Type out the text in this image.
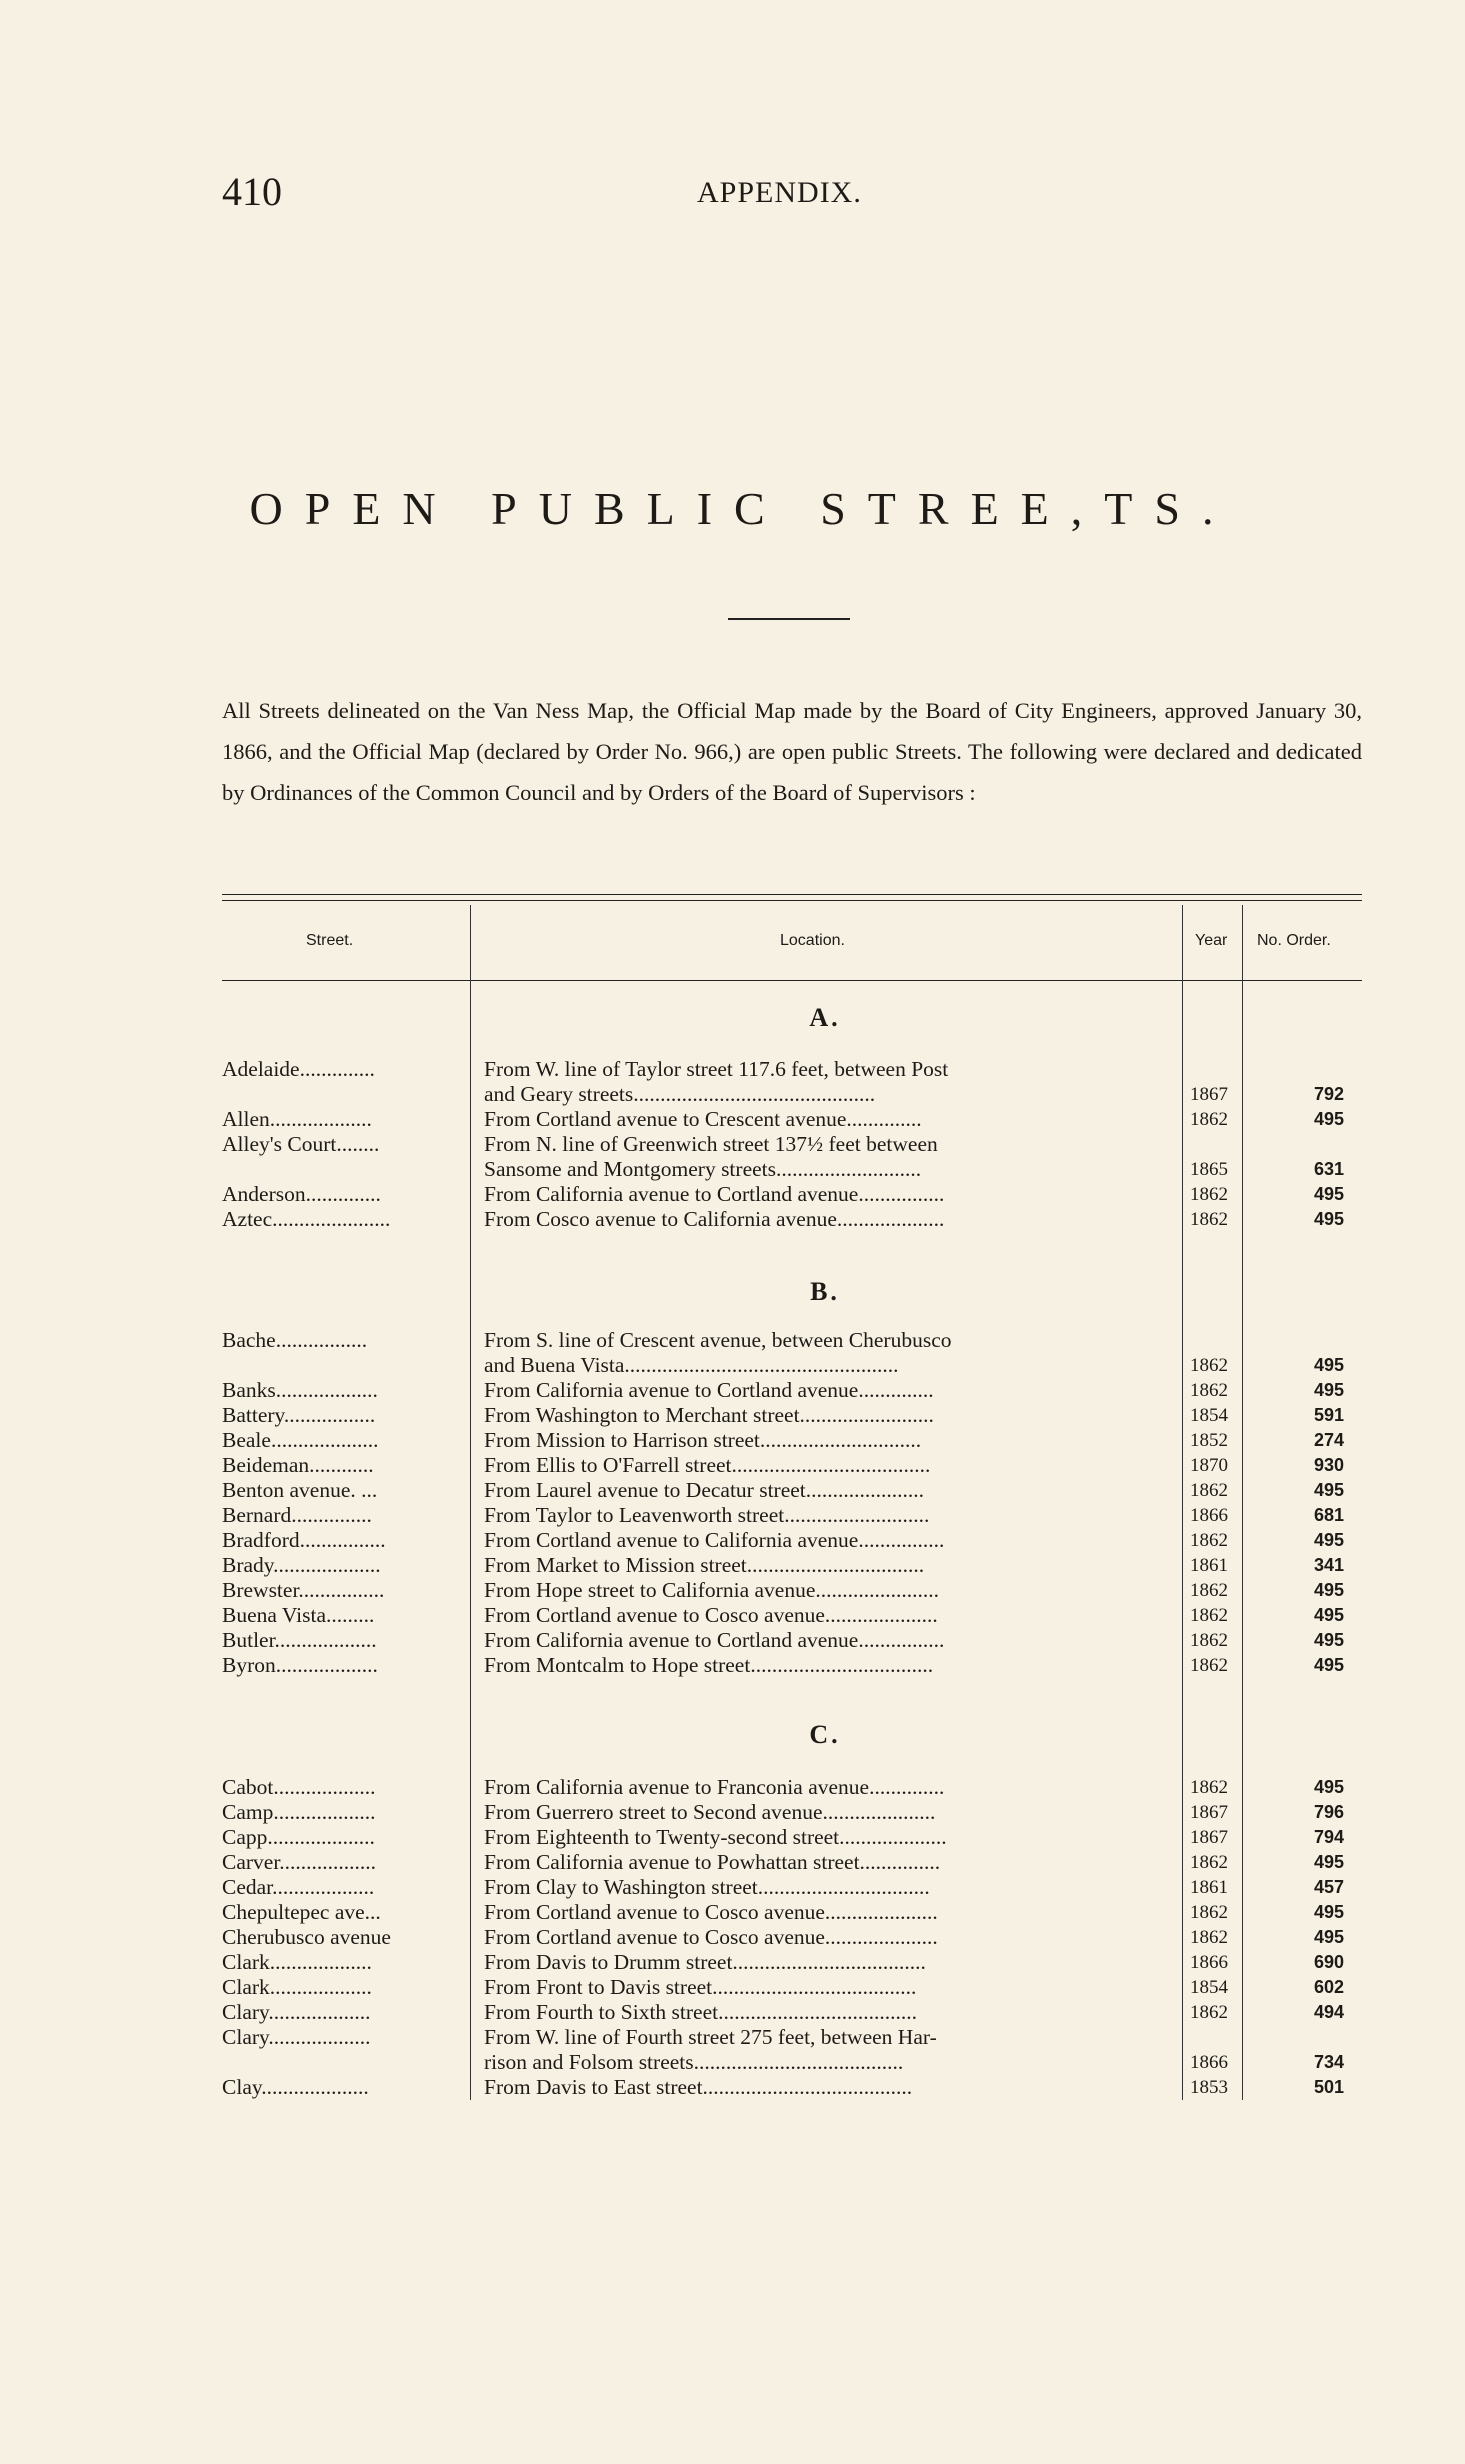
410	APPENDIX.
OPEN PUBLIC STREE,TS.
All Streets delineated on the Van Ness Map, the Official Map made by the Board of City Engineers, approved January 30, 1866, and the Official Map (declared by Order No. 966,) are open public Streets. The following were declared and dedicated by Ordinances of the Common Council and by Orders of the Board of Supervisors :
Street.	Location.	Year No. Order.
A.
Adelaide..............	From W. line of Taylor street 117.6 feet, between Post
and Geary streets.............................................	1867	792
Allen...................	From Cortland avenue to Crescent avenue..............	1862	495
Alley's Court........	From N. line of Greenwich street 137½ feet between
Sansome and Montgomery streets...........................	1865	631
Anderson..............	From California avenue to Cortland avenue................	1862	495
Aztec......................	From Cosco avenue to California avenue....................	1862	495
B.
Bache.................	From S. line of Crescent avenue, between Cherubusco
and Buena Vista...................................................	1862	495
Banks...................	From California avenue to Cortland avenue..............	1862	495
Battery.................	From Washington to Merchant street.........................	1854	591
Beale....................	From Mission to Harrison street..............................	1852	274
Beideman............	From Ellis to O'Farrell street.....................................	1870	930
Benton avenue. ...	From Laurel avenue to Decatur street......................	1862	495
Bernard...............	From Taylor to Leavenworth street...........................	1866	681
Bradford................	From Cortland avenue to California avenue................	1862	495
Brady....................	From Market to Mission street.................................	1861	341
Brewster................	From Hope street to California avenue.......................	1862	495
Buena Vista.........	From Cortland avenue to Cosco avenue.....................	1862	495
Butler...................	From California avenue to Cortland avenue................	1862	495
Byron...................	From Montcalm to Hope street..................................	1862	495
C.
Cabot...................	From California avenue to Franconia avenue..............	1862	495
Camp...................	From Guerrero street to Second avenue.....................	1867	796
Capp....................	From Eighteenth to Twenty-second street....................	1867	794
Carver..................	From California avenue to Powhattan street...............	1862	495
Cedar...................	From Clay to Washington street................................	1861	457
Chepultepec ave...	From Cortland avenue to Cosco avenue.....................	1862	495
Cherubusco avenue	From Cortland avenue to Cosco avenue.....................	1862	495
Clark...................	From Davis to Drumm street....................................	1866	690
Clark...................	From Front to Davis street......................................	1854	602
Clary...................	From Fourth to Sixth street.....................................	1862	494
Clary...................	From W. line of Fourth street 275 feet, between Har-
rison and Folsom streets.......................................	1866	734
Clay....................	From Davis to East street.......................................	1853	501
